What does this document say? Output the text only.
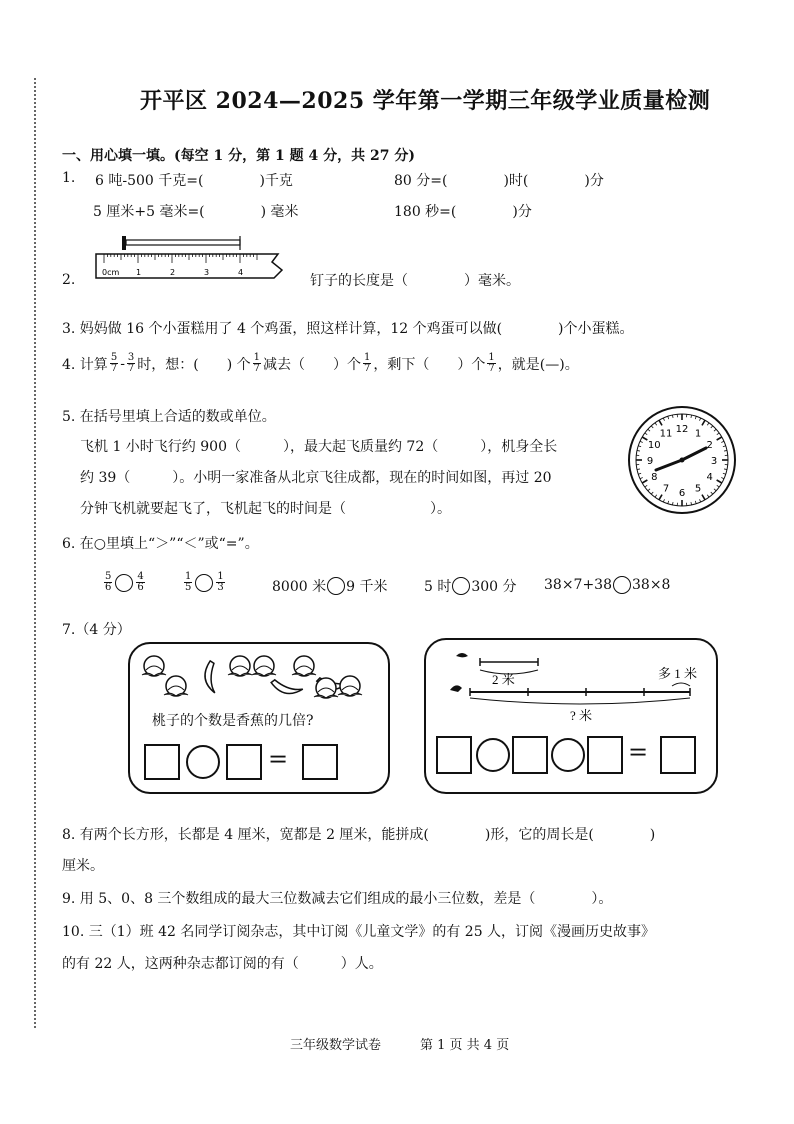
开平区 2024—2025 学年第一学期三年级学业质量检测
一、用心填一填。(每空 1 分，第 1 题 4 分，共 27 分)
1. 6 吨-500 千克=(　　　　)千克	80 分=(　　　　)时(　　　　)分
5 厘米+5 毫米=(　　　　) 毫米	180 秒=(　　　　)分
2.	0cm 1	2	3	4
钉子的长度是（　　　　）毫米。
3. 妈妈做 16 个小蛋糕用了 4 个鸡蛋，照这样计算，12 个鸡蛋可以做(　　　　)个小蛋糕。
4. 计算 $\frac{5}{7} - \frac{3}{7}$ 时，想：(　　) 个 $\frac{1}{7}$ 减去（　　）个 $\frac{1}{7}$ ，剩下（　　）个 $\frac{1}{7}$ ，就是(—)。
5. 在括号里填上合适的数或单位。
飞机 1 小时飞行约 900（　　　），最大起飞质量约 72（　　　），机身全长
约 39（　　　）。小明一家准备从北京飞往成都，现在的时间如图，再过 20
分钟飞机就要起飞了，飞机起飞的时间是（　　　　　　）。
12 1
2
3
4
5
6
7
8
9
10
11
6. 在○里填上“＞”“＜”或“=”。
$\frac{5}{6} \frac{4}{6}$	$\frac{1}{5} \frac{1}{3}$	8000 米 9 千米	5 时 300 分 38×7+38 38×8
7.（4 分）
桃子的个数是香蕉的几倍?
=
2 米	多 1 米
? 米
=
8. 有两个长方形，长都是 4 厘米，宽都是 2 厘米，能拼成(　　　　)形，它的周长是(　　　　)
厘米。
9. 用 5、0、8 三个数组成的最大三位数减去它们组成的最小三位数，差是（　　　　）。
10. 三（1）班 42 名同学订阅杂志，其中订阅《儿童文学》的有 25 人，订阅《漫画历史故事》
的有 22 人，这两种杂志都订阅的有（　　　）人。
三年级数学试卷　　　第 1 页 共 4 页
